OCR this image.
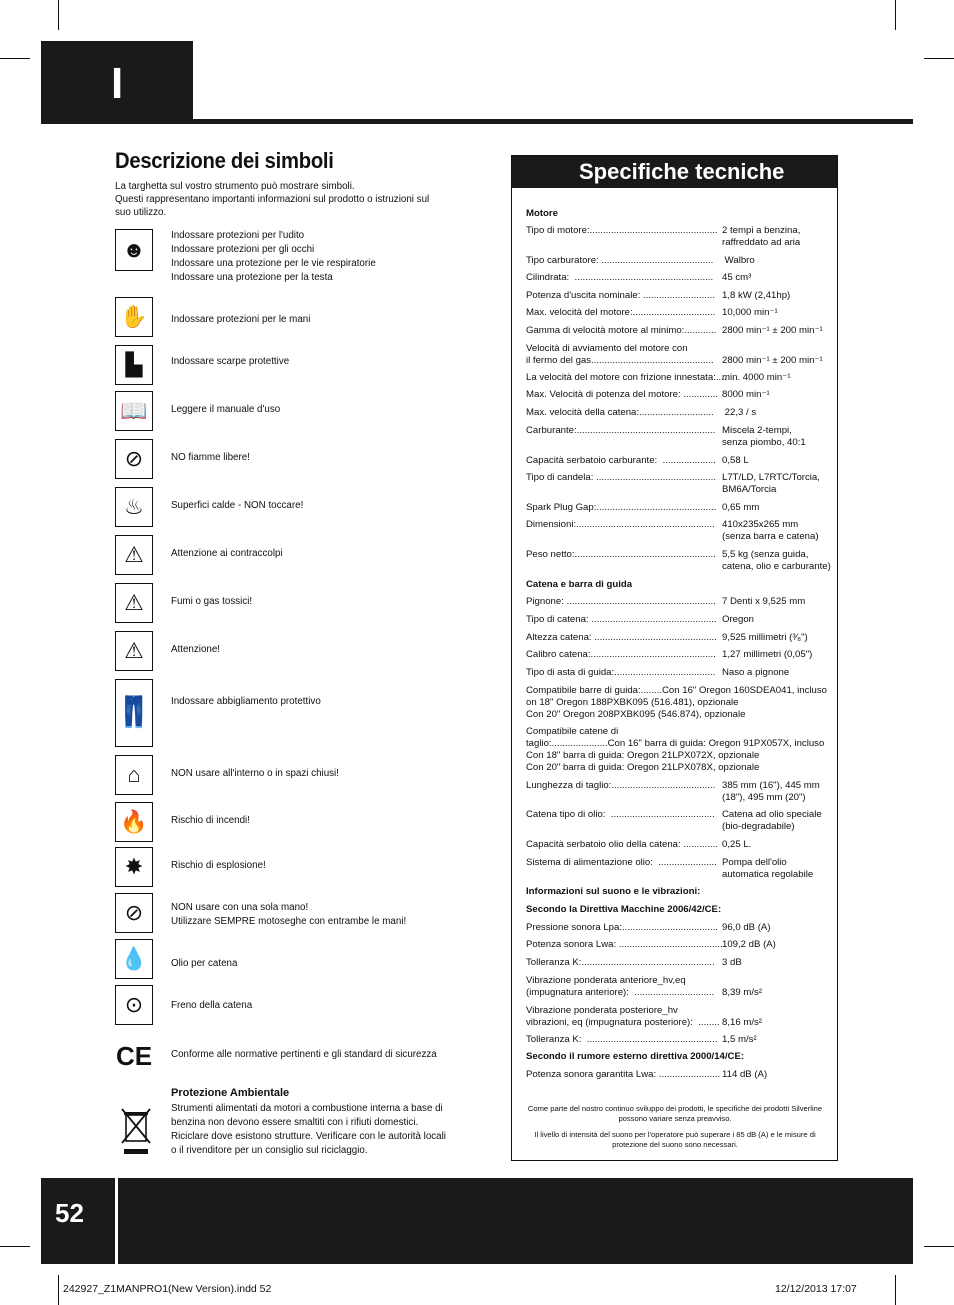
I
Descrizione dei simboli
La targhetta sul vostro strumento può mostrare simboli.
Questi rappresentano importanti informazioni sul prodotto o istruzioni sul suo utilizzo.
☻
Indossare protezioni per l'udito
Indossare protezioni per gli occhi
Indossare una protezione per le vie respiratorie
Indossare una protezione per la testa
✋	Indossare protezioni per le mani
▙	Indossare scarpe protettive
📖	Leggere il manuale d'uso
⊘	NO fiamme libere!
♨	Superfici calde - NON toccare!
⚠	Attenzione ai contraccolpi
⚠	Fumi o gas tossici!
⚠	Attenzione!
👖 Indossare abbigliamento protettivo
⌂	NON usare all'interno o in spazi chiusi!
🔥	Rischio di incendi!
✸	Rischio di esplosione!
⊘	NON usare con una sola mano!
Utilizzare SEMPRE motoseghe con entrambe le mani!
💧	Olio per catena
⊙	Freno della catena
CE Conforme alle normative pertinenti e gli standard di sicurezza
Protezione Ambientale
Strumenti alimentati da motori a combustione interna a base di benzina non devono essere smaltiti con i rifiuti domestici. Riciclare dove esistono strutture. Verificare con le autorità locali o il rivenditore per un consiglio sul riciclaggio.
Specifiche tecniche
Motore
Tipo di motore:................................................ 2 tempi a benzina,
raffreddato ad aria
Tipo carburatore: .......................................... Walbro
Cilindrata:  .................................................... 45 cm³
Potenza d'uscita nominale: ........................... 1,8 kW (2,41hp)
Max. velocità del motore:............................... 10,000 min⁻¹
Gamma di velocità motore al minimo:............ 2800 min⁻¹ ± 200 min⁻¹
Velocità di avviamento del motore con
il fermo del gas..............................................
2800 min⁻¹ ± 200 min⁻¹
La velocità del motore con frizione innestata:....
min. 4000 min⁻¹
Max. Velocità di potenza del motore: ............. 8000 min⁻¹
Max. velocità della catena:............................ 22,3 / s
Carburante:.................................................... Miscela 2-tempi,
senza piombo, 40:1
Capacità serbatoio carburante:  .................... 0,58 L
Tipo di candela: ............................................. L7T/LD, L7RTC/Torcia,
BM6A/Torcia
Spark Plug Gap:............................................. 0,65 mm
Dimensioni:.................................................... 410x235x265 mm
(senza barra e catena)
Peso netto:..................................................... 5,5 kg (senza guida,
catena, olio e carburante)
Catena e barra di guida
Pignone: ........................................................ 7 Denti x 9,525 mm
Tipo di catena: ............................................... Oregon
Altezza catena: .............................................. 9,525 millimetri (³⁄₈")
Calibro catena:............................................... 1,27 millimetri (0,05")
Tipo di asta di guida:...................................... Naso a pignone
Compatibile barre di guida:........Con 16" Oregon 160SDEA041, incluso
on 18" Oregon 188PXBK095 (516.481), opzionale
Con 20" Oregon 208PXBK095 (546.874), opzionale
Compatibile catene di
taglio:.....................Con 16" barra di guida: Oregon 91PX057X, incluso
Con 18" barra di guida: Oregon 21LPX072X, opzionale
Con 20" barra di guida: Oregon 21LPX078X, opzionale
Lunghezza di taglio:....................................... 385 mm (16"), 445 mm
(18"), 495 mm (20")
Catena tipo di olio:  ....................................... Catena ad olio speciale
(bio-degradabile)
Capacità serbatoio olio della catena: ............. 0,25 L.
Sistema di alimentazione olio:  ...................... Pompa dell'olio
automatica regolabile
Informazioni sul suono e le vibrazioni:
Secondo la Direttiva Macchine 2006/42/CE:
Pressione sonora Lpa:.................................... 96,0 dB (A)
Potenza sonora Lwa: ....................................... 109,2 dB (A)
Tolleranza K:.................................................. 3 dB
Vibrazione ponderata anteriore_hv,eq
(impugnatura anteriore):  ..............................
8,39 m/s²
Vibrazione ponderata posteriore_hv
vibrazioni, eq (impugnatura posteriore):  ........
8,16 m/s²
Tolleranza K:  ................................................. 1,5 m/s²
Secondo il rumore esterno direttiva 2000/14/CE:
Potenza sonora garantita Lwa: ....................... 114 dB (A)
Come parte del nostro continuo sviluppo dei prodotti, le specifiche dei prodotti Silverline possono variare senza preavviso.
Il livello di intensità del suono per l'operatore può superare i 85 dB (A) e le misure di protezione del suono sono necessari.
52
242927_Z1MANPRO1(New Version).indd 52	12/12/2013 17:07
